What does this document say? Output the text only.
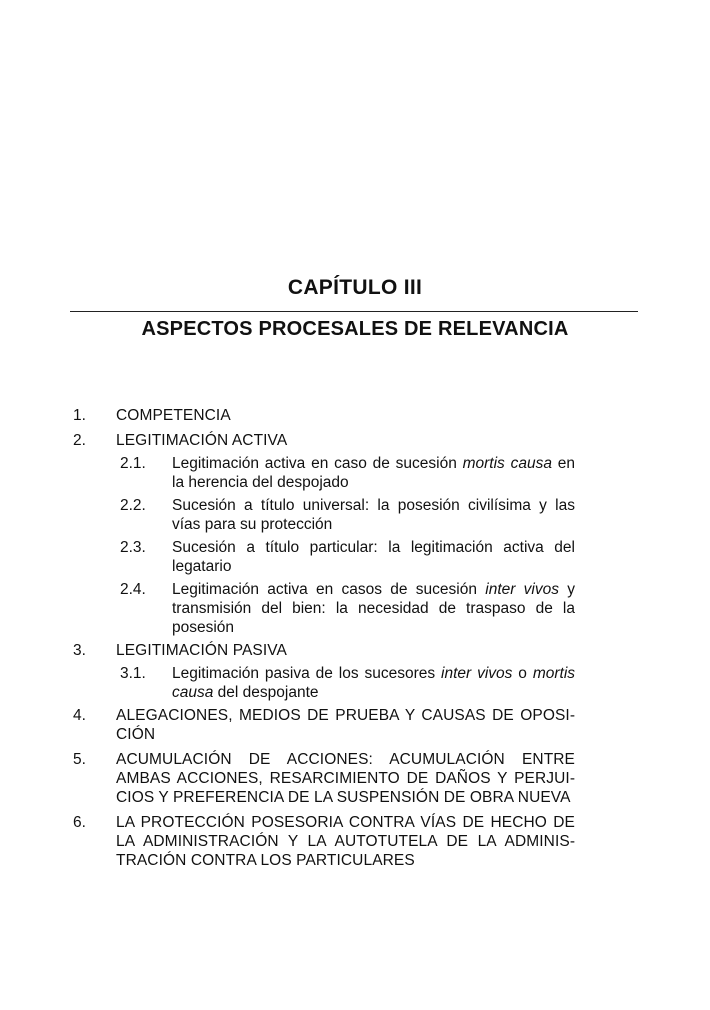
CAPÍTULO III
ASPECTOS PROCESALES DE RELEVANCIA
1. COMPETENCIA
2. LEGITIMACIÓN ACTIVA
2.1. Legitimación activa en caso de sucesión mortis causa en la herencia del despojado
2.2. Sucesión a título universal: la posesión civilísima y las vías para su protección
2.3. Sucesión a título particular: la legitimación activa del legatario
2.4. Legitimación activa en casos de sucesión inter vivos y transmisión del bien: la necesidad de traspaso de la posesión
3. LEGITIMACIÓN PASIVA
3.1. Legitimación pasiva de los sucesores inter vivos o mortis causa del despojante
4. ALEGACIONES, MEDIOS DE PRUEBA Y CAUSAS DE OPOSICIÓN
5. ACUMULACIÓN DE ACCIONES: ACUMULACIÓN ENTRE AMBAS ACCIONES, RESARCIMIENTO DE DAÑOS Y PERJUICIOS Y PREFERENCIA DE LA SUSPENSIÓN DE OBRA NUEVA
6. LA PROTECCIÓN POSESORIA CONTRA VÍAS DE HECHO DE LA ADMINISTRACIÓN Y LA AUTOTUTELA DE LA ADMINISTRACIÓN CONTRA LOS PARTICULARES
